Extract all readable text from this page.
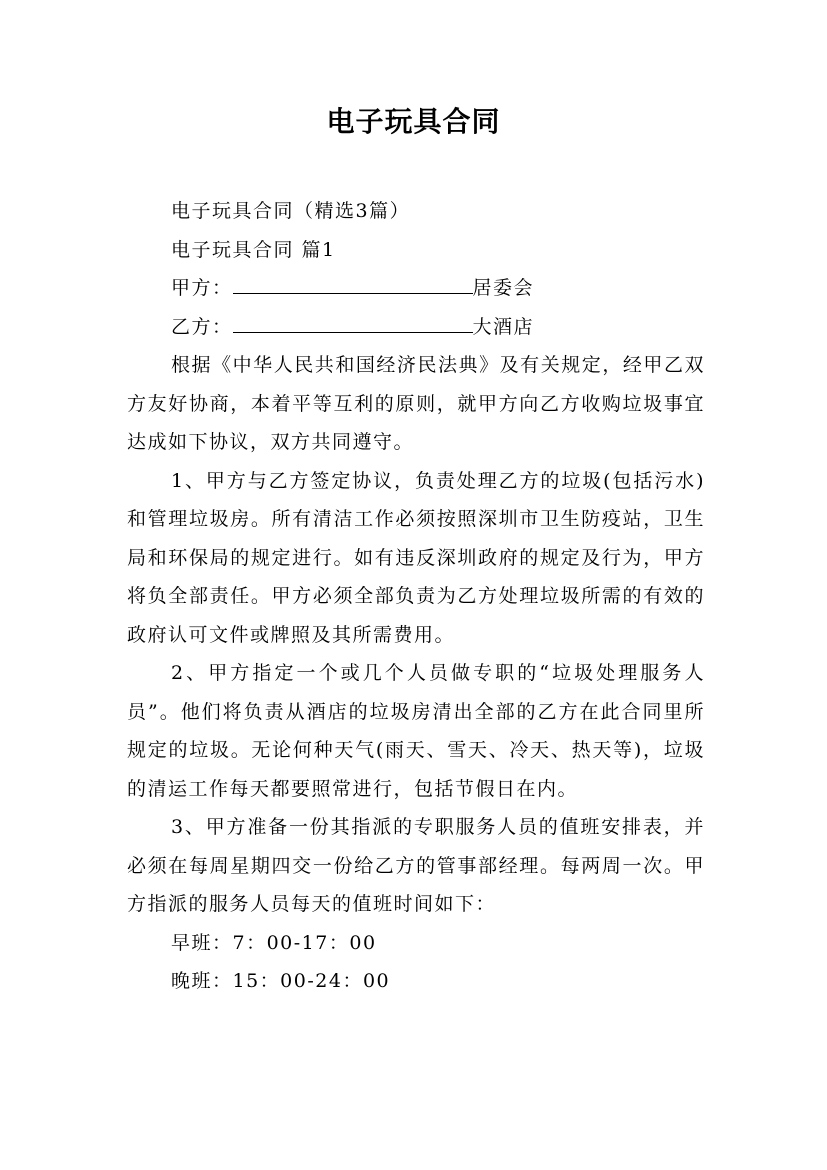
电子玩具合同
电子玩具合同（精选3篇）
电子玩具合同 篇1
甲方：	居委会
乙方：	大酒店
根据《中华人民共和国经济民法典》及有关规定，经甲乙双方友好协商，本着平等互利的原则，就甲方向乙方收购垃圾事宜达成如下协议，双方共同遵守。
1、甲方与乙方签定协议，负责处理乙方的垃圾(包括污水)和管理垃圾房。所有清洁工作必须按照深圳市卫生防疫站，卫生局和环保局的规定进行。如有违反深圳政府的规定及行为，甲方将负全部责任。甲方必须全部负责为乙方处理垃圾所需的有效的政府认可文件或牌照及其所需费用。
2、甲方指定一个或几个人员做专职的“垃圾处理服务人员”。他们将负责从酒店的垃圾房清出全部的乙方在此合同里所规定的垃圾。无论何种天气(雨天、雪天、冷天、热天等)，垃圾的清运工作每天都要照常进行，包括节假日在内。
3、甲方准备一份其指派的专职服务人员的值班安排表，并必须在每周星期四交一份给乙方的管事部经理。每两周一次。甲方指派的服务人员每天的值班时间如下：
早班：7：00-17：00
晚班：15：00-24：00
